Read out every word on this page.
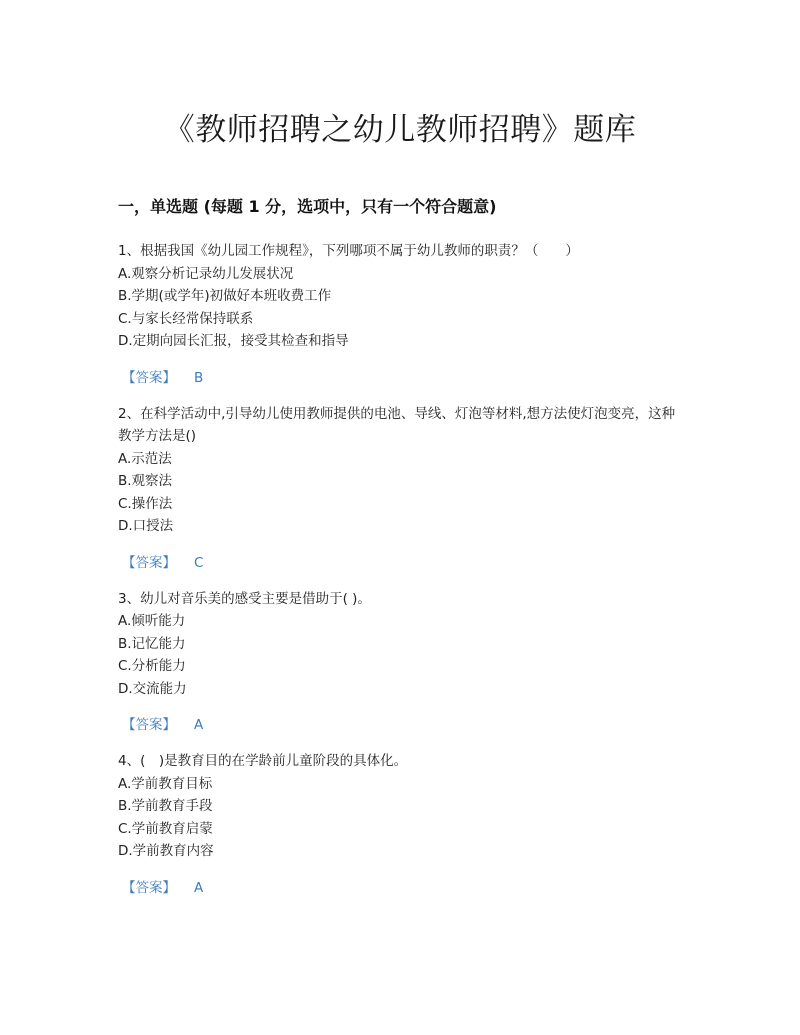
《教师招聘之幼儿教师招聘》题库
一，单选题 (每题 1 分，选项中，只有一个符合题意)

1、根据我国《幼儿园工作规程》，下列哪项不属于幼儿教师的职责？（　　）

A.观察分析记录幼儿发展状况

B.学期(或学年)初做好本班收费工作

C.与家长经常保持联系

D.定期向园长汇报，接受其检查和指导

【答案】 B

2、在科学活动中,引导幼儿使用教师提供的电池、导线、灯泡等材料,想方法使灯泡变亮，这种教学方法是()

A.示范法

B.观察法

C.操作法

D.口授法

【答案】 C

3、幼儿对音乐美的感受主要是借助于( )。

A.倾听能力

B.记忆能力

C.分析能力

D.交流能力

【答案】 A

4、(　)是教育目的在学龄前儿童阶段的具体化。

A.学前教育目标

B.学前教育手段

C.学前教育启蒙

D.学前教育内容

【答案】 A
